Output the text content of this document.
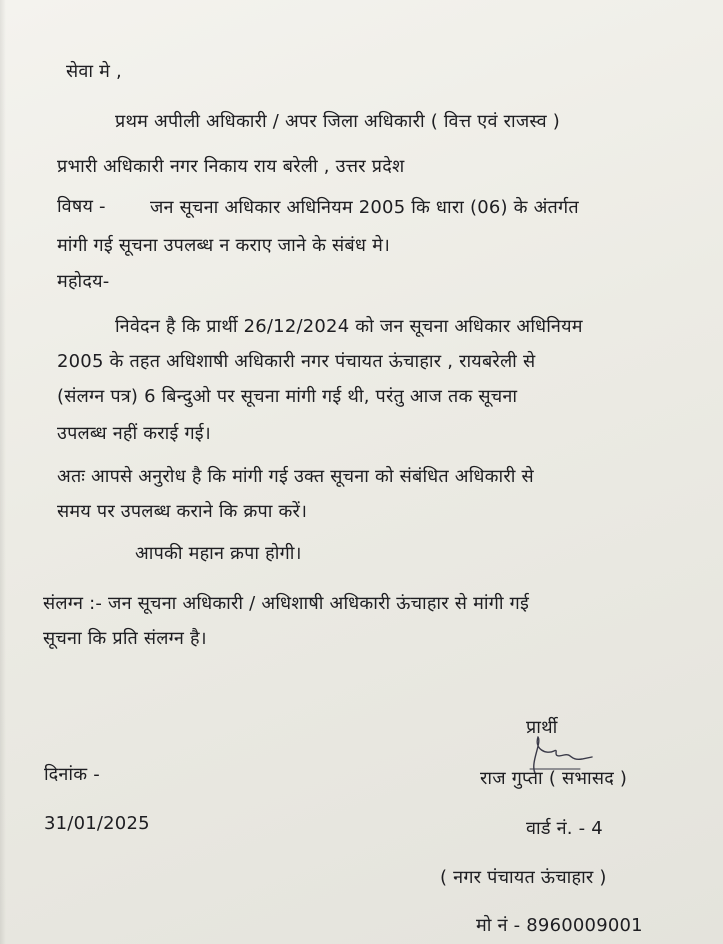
सेवा मे ,

प्रथम अपीली अधिकारी / अपर जिला अधिकारी ( वित्त एवं राजस्व )

प्रभारी अधिकारी नगर निकाय राय बरेली , उत्तर प्रदेश

विषय - जन सूचना अधिकार अधिनियम 2005 कि धारा (06) के अंतर्गत

मांगी गई सूचना उपलब्ध न कराए जाने के संबंध मे।

महोदय-

निवेदन है कि प्रार्थी 26/12/2024 को जन सूचना अधिकार अधिनियम

2005 के तहत अधिशाषी अधिकारी नगर पंचायत ऊंचाहार , रायबरेली से

(संलग्न पत्र) 6 बिन्दुओ पर सूचना मांगी गई थी, परंतु आज तक सूचना

उपलब्ध नहीं कराई गई।

अतः आपसे अनुरोध है कि मांगी गई उक्त सूचना को संबंधित अधिकारी से

समय पर उपलब्ध कराने कि क्रपा करें।

आपकी महान क्रपा होगी।

संलग्न :- जन सूचना अधिकारी / अधिशाषी अधिकारी ऊंचाहार से मांगी गई

सूचना कि प्रति संलग्न है।

प्रार्थी

दिनांक -	राज गुप्ता ( सभासद )

31/01/2025	वार्ड नं. - 4

( नगर पंचायत ऊंचाहार )

मो नं - 8960009001
